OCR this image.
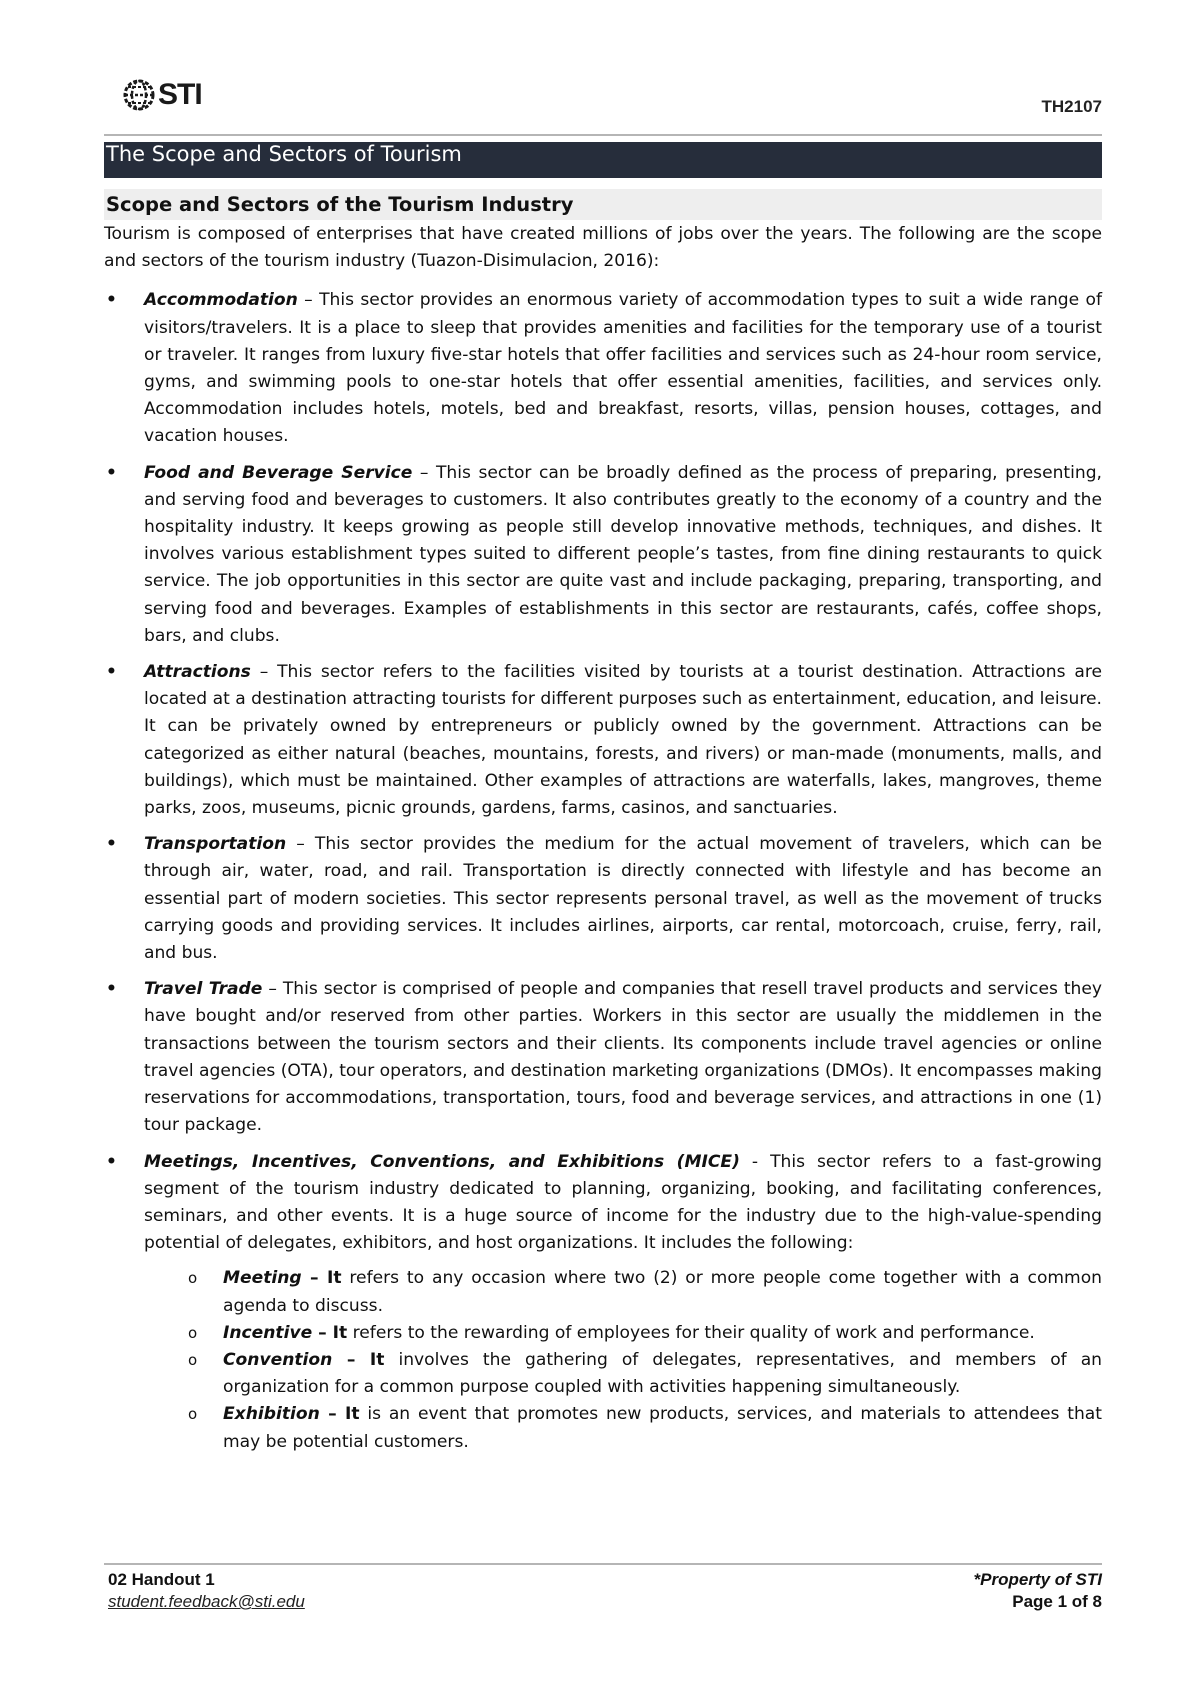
STI	TH2107
The Scope and Sectors of Tourism
Scope and Sectors of the Tourism Industry

Tourism is composed of enterprises that have created millions of jobs over the years. The following are the scope and sectors of the tourism industry (Tuazon-Disimulacion, 2016):

• Accommodation – This sector provides an enormous variety of accommodation types to suit a wide range of visitors/travelers. It is a place to sleep that provides amenities and facilities for the temporary use of a tourist or traveler. It ranges from luxury five-star hotels that offer facilities and services such as 24-hour room service, gyms, and swimming pools to one-star hotels that offer essential amenities, facilities, and services only. Accommodation includes hotels, motels, bed and breakfast, resorts, villas, pension houses, cottages, and vacation houses.
• Food and Beverage Service – This sector can be broadly defined as the process of preparing, presenting, and serving food and beverages to customers. It also contributes greatly to the economy of a country and the hospitality industry. It keeps growing as people still develop innovative methods, techniques, and dishes. It involves various establishment types suited to different people’s tastes, from fine dining restaurants to quick service. The job opportunities in this sector are quite vast and include packaging, preparing, transporting, and serving food and beverages. Examples of establishments in this sector are restaurants, cafés, coffee shops, bars, and clubs.
• Attractions – This sector refers to the facilities visited by tourists at a tourist destination. Attractions are located at a destination attracting tourists for different purposes such as entertainment, education, and leisure. It can be privately owned by entrepreneurs or publicly owned by the government. Attractions can be categorized as either natural (beaches, mountains, forests, and rivers) or man-made (monuments, malls, and buildings), which must be maintained. Other examples of attractions are waterfalls, lakes, mangroves, theme parks, zoos, museums, picnic grounds, gardens, farms, casinos, and sanctuaries.
• Transportation – This sector provides the medium for the actual movement of travelers, which can be through air, water, road, and rail. Transportation is directly connected with lifestyle and has become an essential part of modern societies. This sector represents personal travel, as well as the movement of trucks carrying goods and providing services. It includes airlines, airports, car rental, motorcoach, cruise, ferry, rail, and bus.
• Travel Trade – This sector is comprised of people and companies that resell travel products and services they have bought and/or reserved from other parties. Workers in this sector are usually the middlemen in the transactions between the tourism sectors and their clients. Its components include travel agencies or online travel agencies (OTA), tour operators, and destination marketing organizations (DMOs). It encompasses making reservations for accommodations, transportation, tours, food and beverage services, and attractions in one (1) tour package.
• Meetings, Incentives, Conventions, and Exhibitions (MICE) - This sector refers to a fast-growing segment of the tourism industry dedicated to planning, organizing, booking, and facilitating conferences, seminars, and other events. It is a huge source of income for the industry due to the high-value-spending potential of delegates, exhibitors, and host organizations. It includes the following:
o Meeting – It refers to any occasion where two (2) or more people come together with a common agenda to discuss.
o Incentive – It refers to the rewarding of employees for their quality of work and performance.
o Convention – It involves the gathering of delegates, representatives, and members of an organization for a common purpose coupled with activities happening simultaneously.
o Exhibition – It is an event that promotes new products, services, and materials to attendees that may be potential customers.
02 Handout 1
student.feedback@sti.edu
*Property of STI
Page 1 of 8
